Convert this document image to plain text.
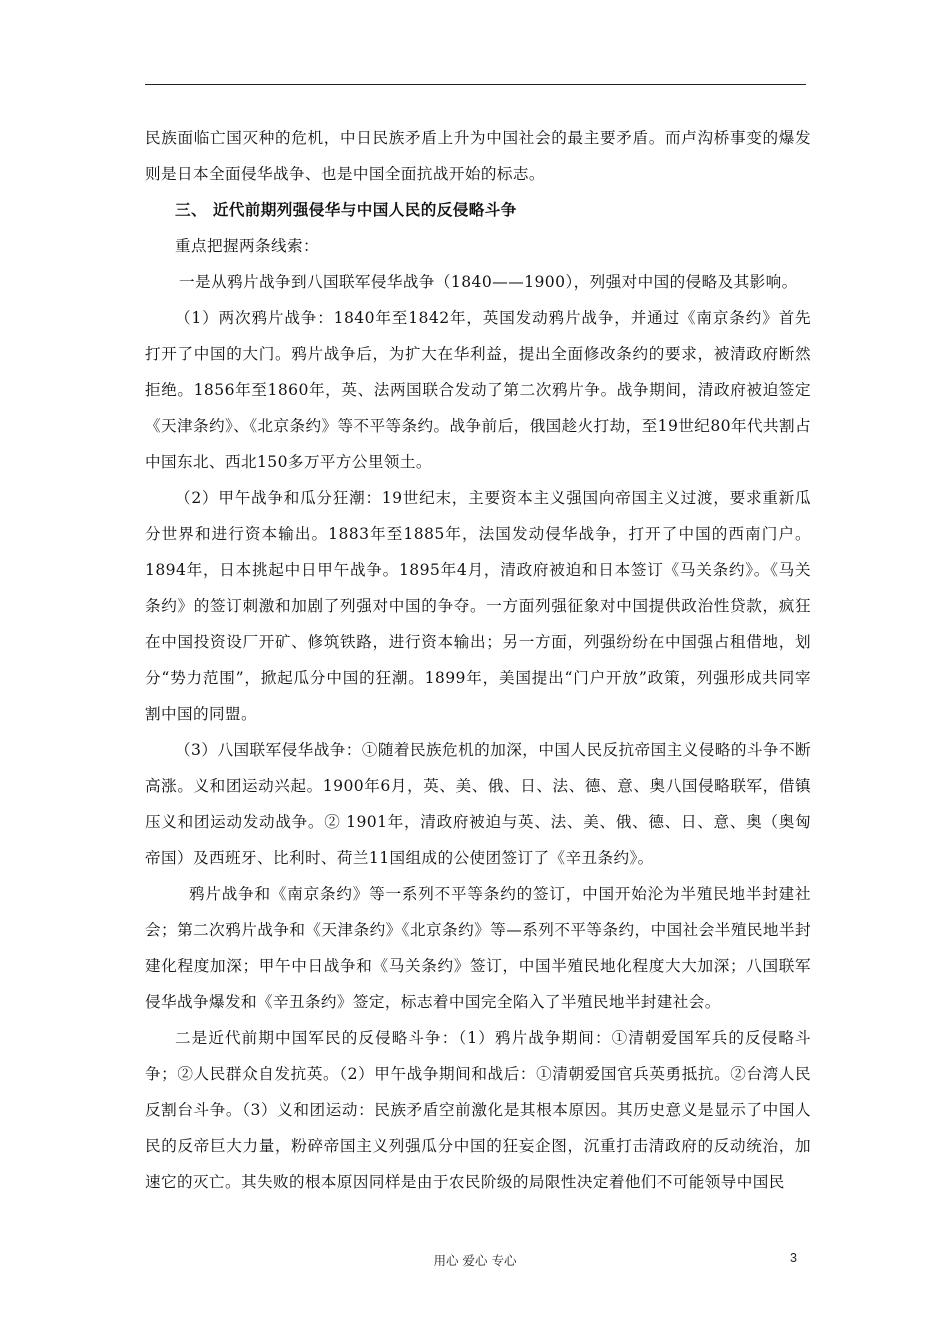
民族面临亡国灭种的危机，中日民族矛盾上升为中国社会的最主要矛盾。而卢沟桥事变的爆发则是日本全面侵华战争、也是中国全面抗战开始的标志。

三、 近代前期列强侵华与中国人民的反侵略斗争

重点把握两条线索：

一是从鸦片战争到八国联军侵华战争（1840——1900），列强对中国的侵略及其影响。

（1）两次鸦片战争：1840年至1842年，英国发动鸦片战争，并通过《南京条约》首先打开了中国的大门。鸦片战争后，为扩大在华利益，提出全面修改条约的要求，被清政府断然拒绝。1856年至1860年，英、法两国联合发动了第二次鸦片争。战争期间，清政府被迫签定《天津条约》、《北京条约》等不平等条约。战争前后，俄国趁火打劫，至19世纪80年代共割占中国东北、西北150多万平方公里领土。

（2）甲午战争和瓜分狂潮：19世纪末，主要资本主义强国向帝国主义过渡，要求重新瓜分世界和进行资本输出。1883年至1885年，法国发动侵华战争，打开了中国的西南门户。1894年，日本挑起中日甲午战争。1895年4月，清政府被迫和日本签订《马关条约》。《马关条约》的签订刺激和加剧了列强对中国的争夺。一方面列强征象对中国提供政治性贷款，疯狂在中国投资设厂开矿、修筑铁路，进行资本输出；另一方面，列强纷纷在中国强占租借地，划分“势力范围”，掀起瓜分中国的狂潮。1899年，美国提出“门户开放”政策，列强形成共同宰割中国的同盟。

（3）八国联军侵华战争：①随着民族危机的加深，中国人民反抗帝国主义侵略的斗争不断高涨。义和团运动兴起。1900年6月，英、美、俄、日、法、德、意、奥八国侵略联军，借镇压义和团运动发动战争。② 1901年，清政府被迫与英、法、美、俄、德、日、意、奥（奥匈帝国）及西班牙、比利时、荷兰11国组成的公使团签订了《辛丑条约》。

鸦片战争和《南京条约》等一系列不平等条约的签订，中国开始沦为半殖民地半封建社会；第二次鸦片战争和《天津条约》《北京条约》等—系列不平等条约，中国社会半殖民地半封建化程度加深；甲午中日战争和《马关条约》签订，中国半殖民地化程度大大加深；八国联军侵华战争爆发和《辛丑条约》签定，标志着中国完全陷入了半殖民地半封建社会。

二是近代前期中国军民的反侵略斗争：（1）鸦片战争期间：①清朝爱国军兵的反侵略斗争；②人民群众自发抗英。（2）甲午战争期间和战后：①清朝爱国官兵英勇抵抗。②台湾人民反割台斗争。（3）义和团运动：民族矛盾空前激化是其根本原因。其历史意义是显示了中国人民的反帝巨大力量，粉碎帝国主义列强瓜分中国的狂妄企图，沉重打击清政府的反动统治，加速它的灭亡。其失败的根本原因同样是由于农民阶级的局限性决定着他们不可能领导中国民

用心 爱心 专心	3
